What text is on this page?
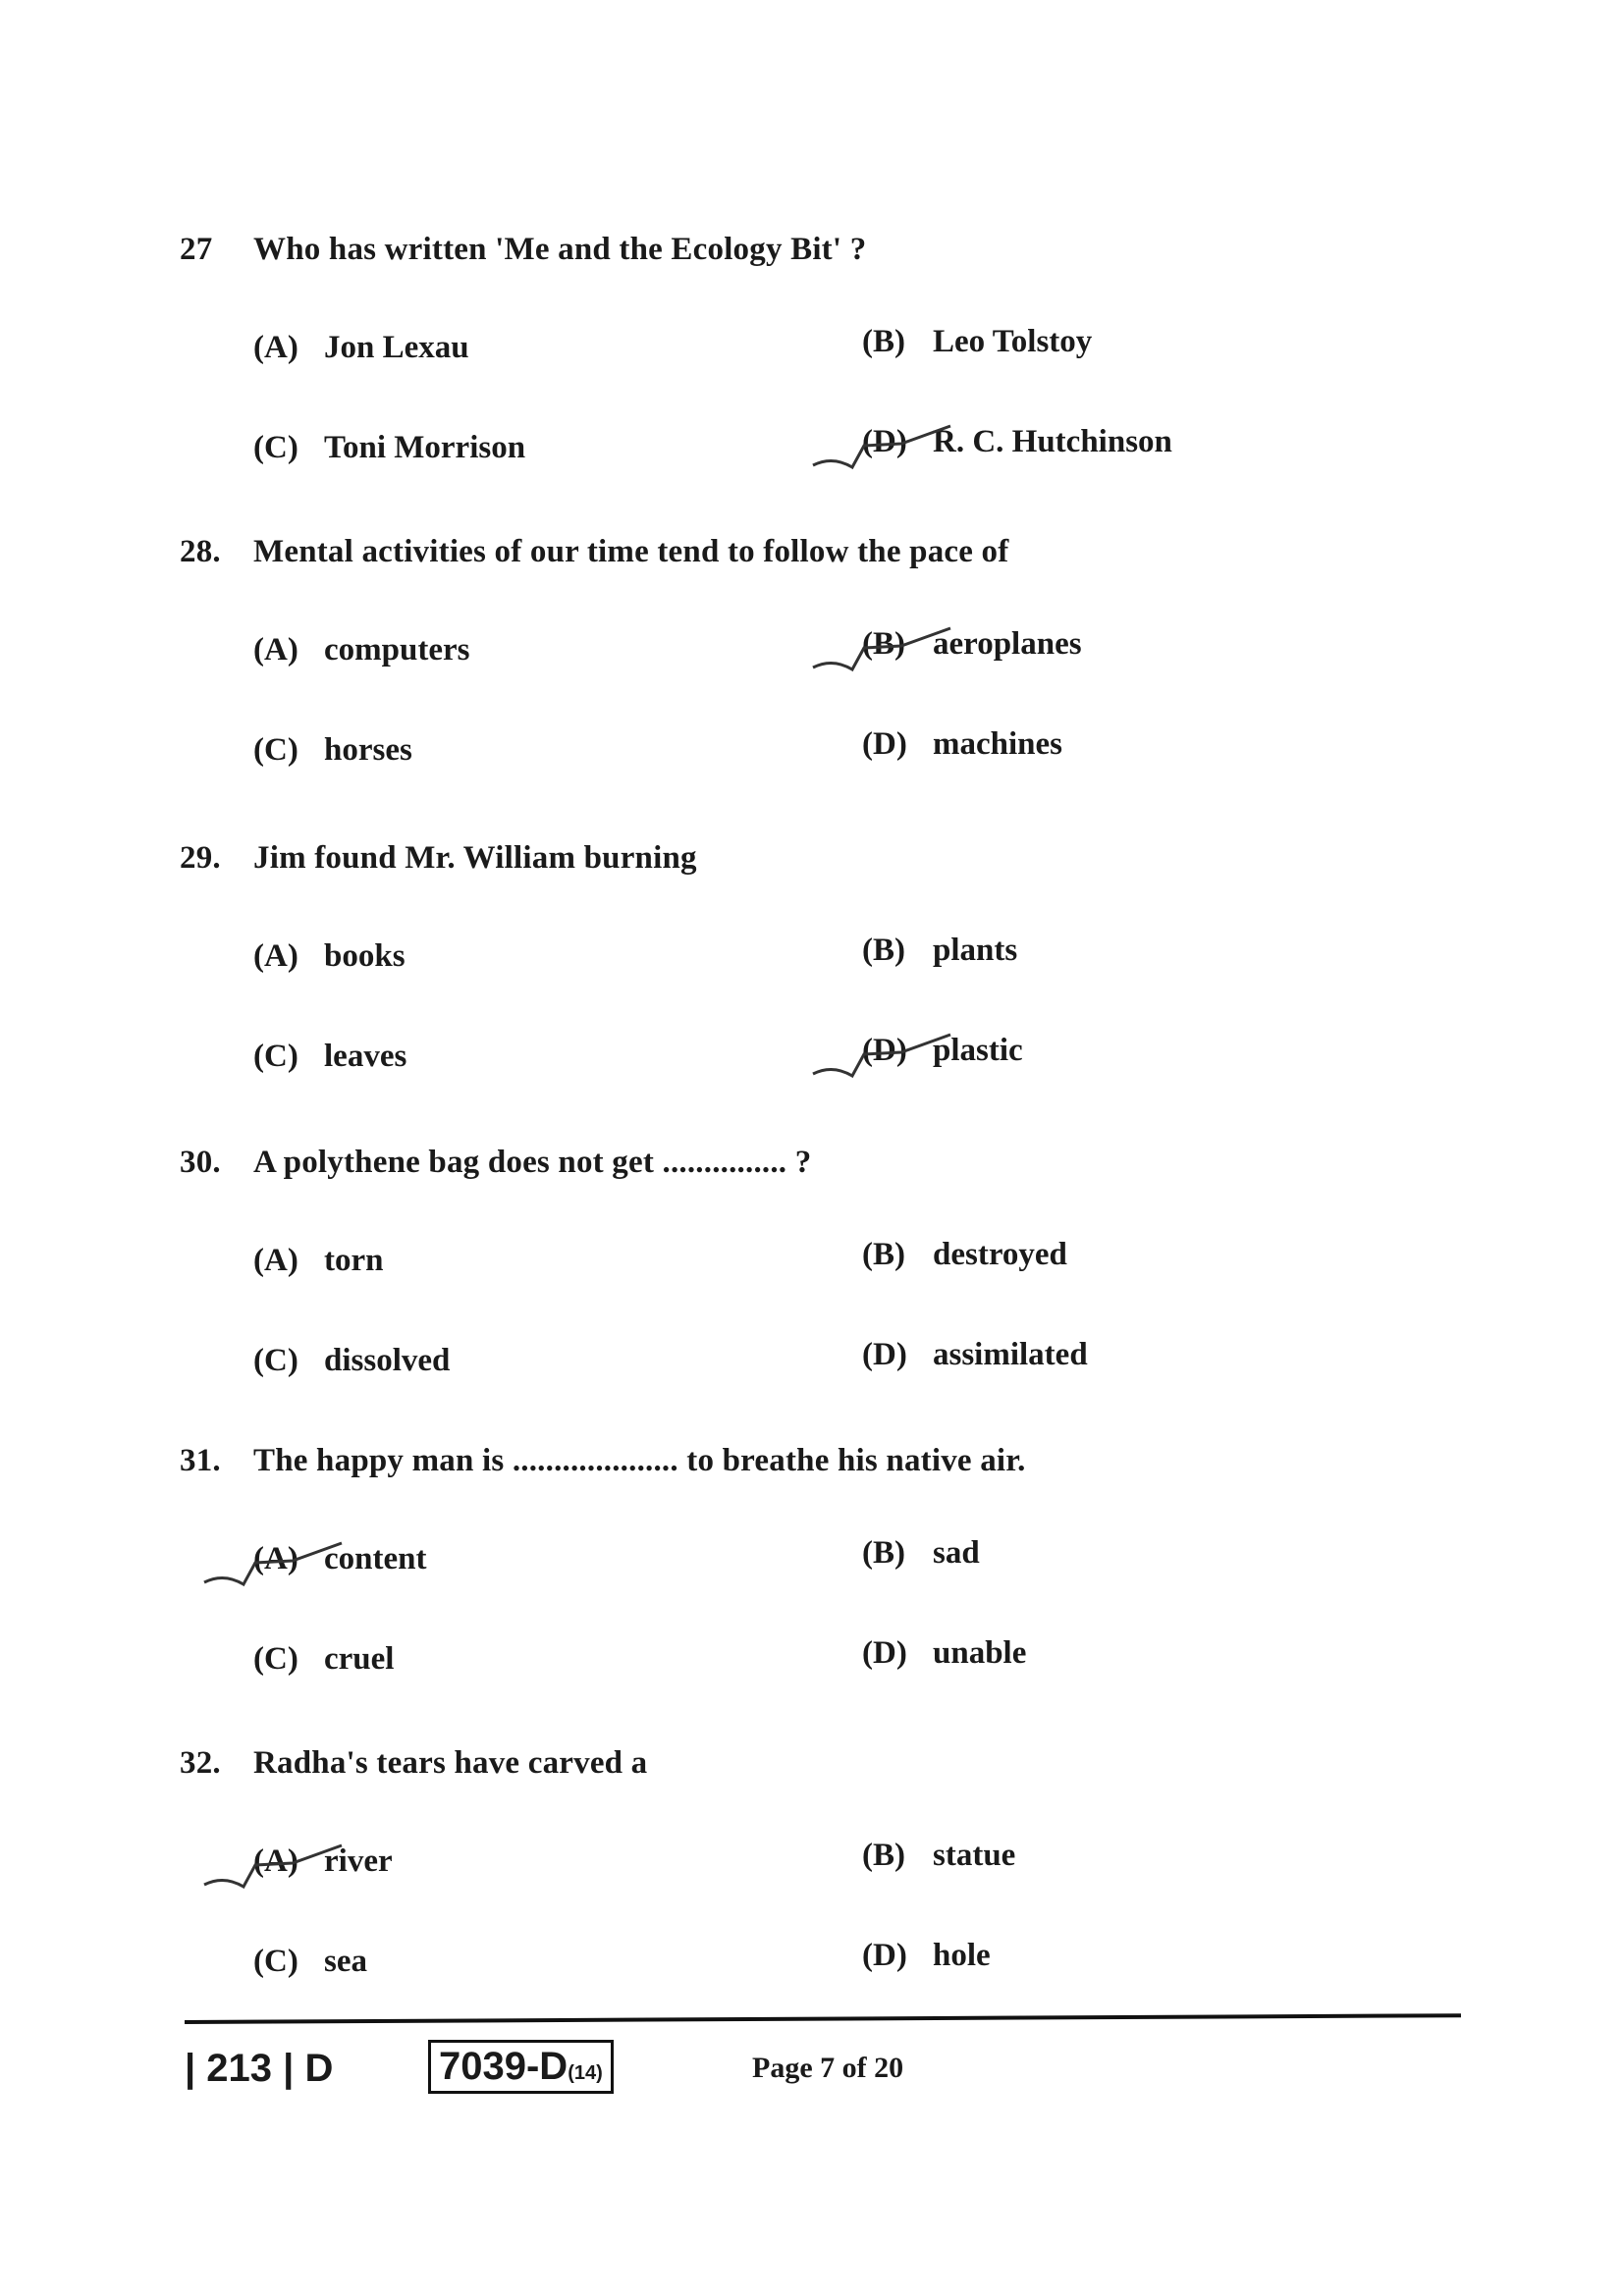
27 Who has written 'Me and the Ecology Bit' ?
(A) Jon Lexau	(B) Leo Tolstoy
(C) Toni Morrison	(D) R. C. Hutchinson
28. Mental activities of our time tend to follow the pace of
(A) computers	(B) aeroplanes
(C) horses	(D) machines
29. Jim found Mr. William burning
(A) books	(B) plants
(C) leaves	(D) plastic
30. A polythene bag does not get ............... ?
(A) torn	(B) destroyed
(C) dissolved	(D) assimilated
31. The happy man is .................... to breathe his native air.
(A) content	(B) sad
(C) cruel	(D) unable
32. Radha's tears have carved a
(A) river	(B) statue
(C) sea	(D) hole
| 213 | D	7039-D(14)	Page 7 of 20
